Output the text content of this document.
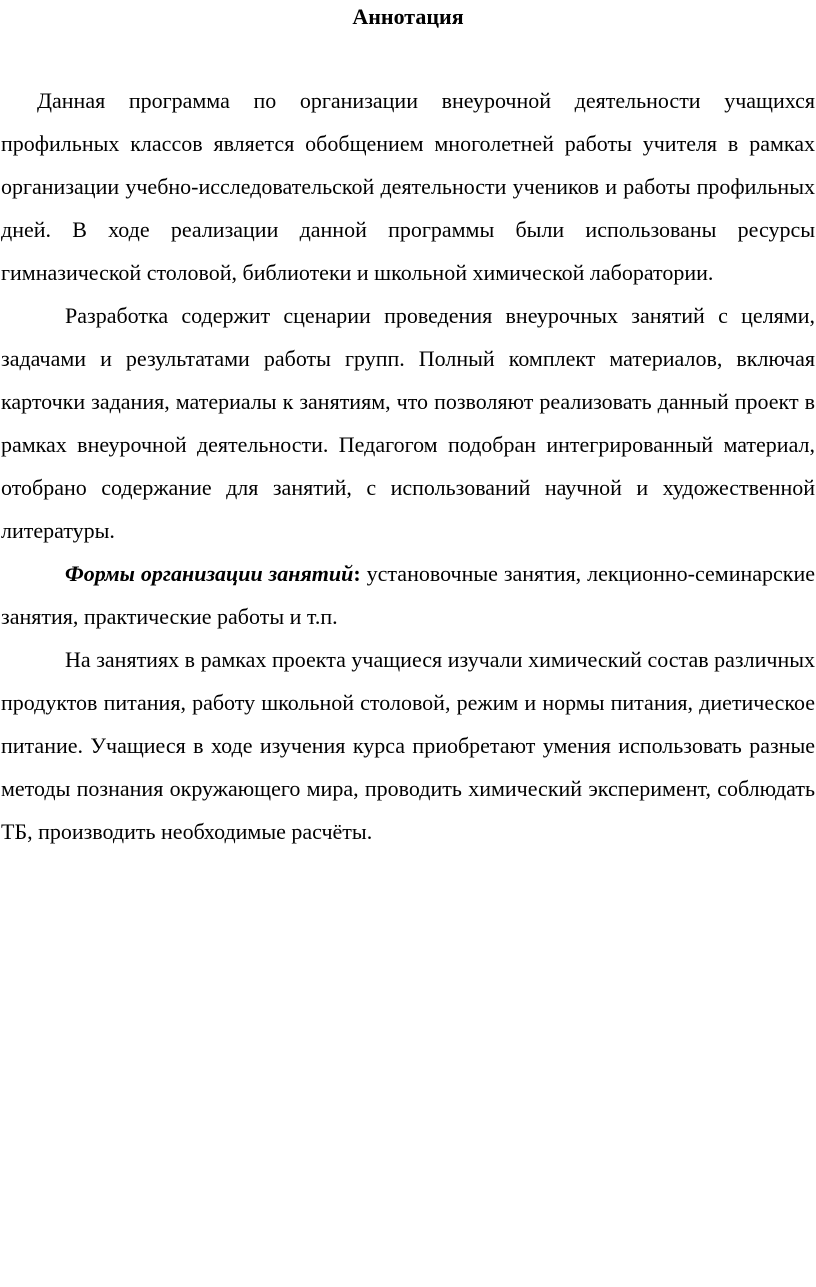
Аннотация

Данная программа по организации внеурочной деятельности учащихся профильных классов является обобщением многолетней работы учителя в рамках организации учебно-исследовательской деятельности учеников и работы профильных дней. В ходе реализации данной программы были использованы ресурсы гимназической столовой, библиотеки и школьной химической лаборатории.

Разработка содержит сценарии проведения внеурочных занятий с целями, задачами и результатами работы групп. Полный комплект материалов, включая карточки задания, материалы к занятиям, что позволяют реализовать данный проект в рамках внеурочной деятельности. Педагогом подобран интегрированный материал, отобрано содержание для занятий, с использований научной и художественной литературы.

Формы организации занятий: установочные занятия, лекционно-семинарские занятия, практические работы и т.п.

На занятиях в рамках проекта учащиеся изучали химический состав различных продуктов питания, работу школьной столовой, режим и нормы питания, диетическое питание. Учащиеся в ходе изучения курса приобретают умения использовать разные методы познания окружающего мира, проводить химический эксперимент, соблюдать ТБ, производить необходимые расчёты.
